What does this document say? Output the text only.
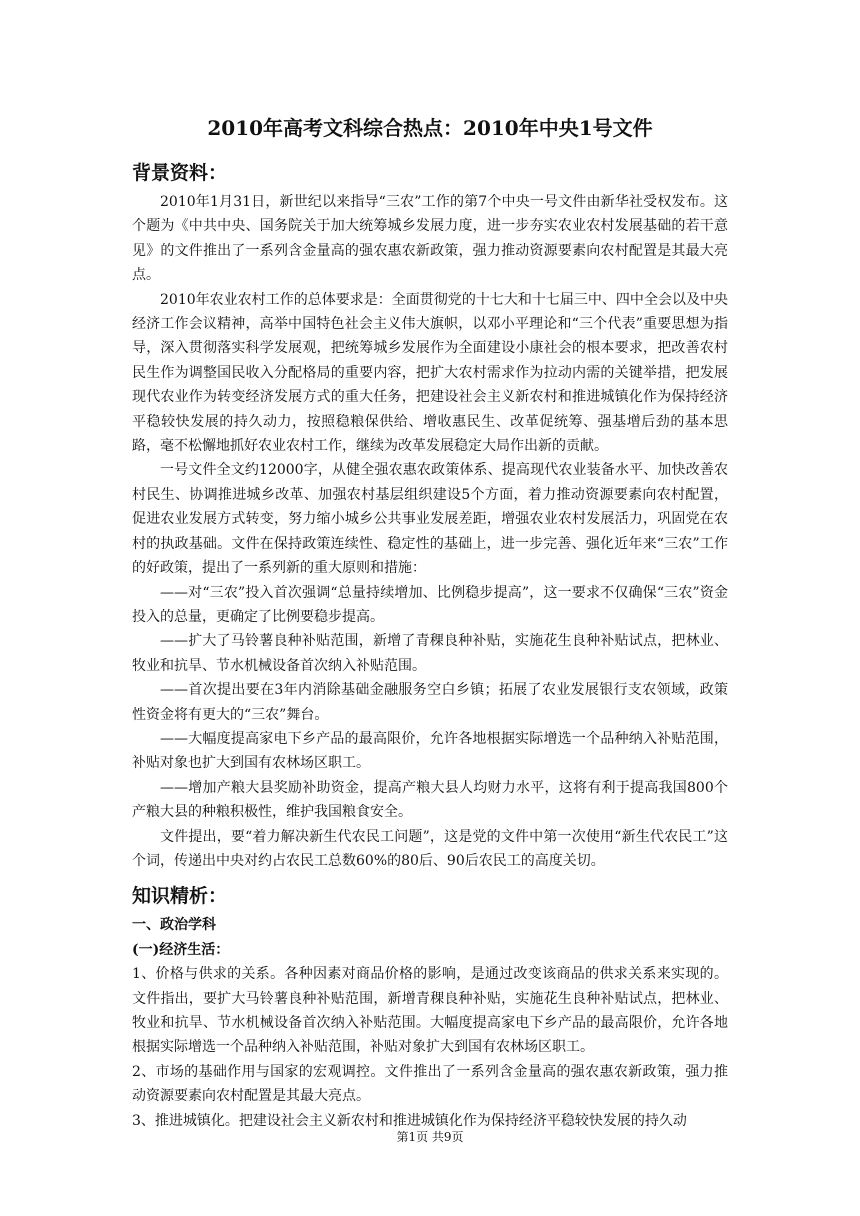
2010年高考文科综合热点：2010年中央1号文件
背景资料：

2010年1月31日，新世纪以来指导“三农”工作的第7个中央一号文件由新华社受权发布。这个题为《中共中央、国务院关于加大统筹城乡发展力度，进一步夯实农业农村发展基础的若干意见》的文件推出了一系列含金量高的强农惠农新政策，强力推动资源要素向农村配置是其最大亮点。

2010年农业农村工作的总体要求是：全面贯彻党的十七大和十七届三中、四中全会以及中央经济工作会议精神，高举中国特色社会主义伟大旗帜，以邓小平理论和“三个代表”重要思想为指导，深入贯彻落实科学发展观，把统筹城乡发展作为全面建设小康社会的根本要求，把改善农村民生作为调整国民收入分配格局的重要内容，把扩大农村需求作为拉动内需的关键举措，把发展现代农业作为转变经济发展方式的重大任务，把建设社会主义新农村和推进城镇化作为保持经济平稳较快发展的持久动力，按照稳粮保供给、增收惠民生、改革促统筹、强基增后劲的基本思路，毫不松懈地抓好农业农村工作，继续为改革发展稳定大局作出新的贡献。

一号文件全文约12000字，从健全强农惠农政策体系、提高现代农业装备水平、加快改善农村民生、协调推进城乡改革、加强农村基层组织建设5个方面，着力推动资源要素向农村配置，促进农业发展方式转变，努力缩小城乡公共事业发展差距，增强农业农村发展活力，巩固党在农村的执政基础。文件在保持政策连续性、稳定性的基础上，进一步完善、强化近年来“三农”工作的好政策，提出了一系列新的重大原则和措施：

——对“三农”投入首次强调“总量持续增加、比例稳步提高”，这一要求不仅确保“三农”资金投入的总量，更确定了比例要稳步提高。

——扩大了马铃薯良种补贴范围，新增了青稞良种补贴，实施花生良种补贴试点，把林业、牧业和抗旱、节水机械设备首次纳入补贴范围。

——首次提出要在3年内消除基础金融服务空白乡镇；拓展了农业发展银行支农领域，政策性资金将有更大的“三农”舞台。

——大幅度提高家电下乡产品的最高限价，允许各地根据实际增选一个品种纳入补贴范围，补贴对象也扩大到国有农林场区职工。

——增加产粮大县奖励补助资金，提高产粮大县人均财力水平，这将有利于提高我国800个产粮大县的种粮积极性，维护我国粮食安全。

文件提出，要“着力解决新生代农民工问题”，这是党的文件中第一次使用“新生代农民工”这个词，传递出中央对约占农民工总数60%的80后、90后农民工的高度关切。

知识精析：

一、政治学科

(一)经济生活：

1、价格与供求的关系。各种因素对商品价格的影响，是通过改变该商品的供求关系来实现的。文件指出，要扩大马铃薯良种补贴范围，新增青稞良种补贴，实施花生良种补贴试点，把林业、牧业和抗旱、节水机械设备首次纳入补贴范围。大幅度提高家电下乡产品的最高限价，允许各地根据实际增选一个品种纳入补贴范围，补贴对象扩大到国有农林场区职工。

2、市场的基础作用与国家的宏观调控。文件推出了一系列含金量高的强农惠农新政策，强力推动资源要素向农村配置是其最大亮点。

3、推进城镇化。把建设社会主义新农村和推进城镇化作为保持经济平稳较快发展的持久动

第1页 共9页
